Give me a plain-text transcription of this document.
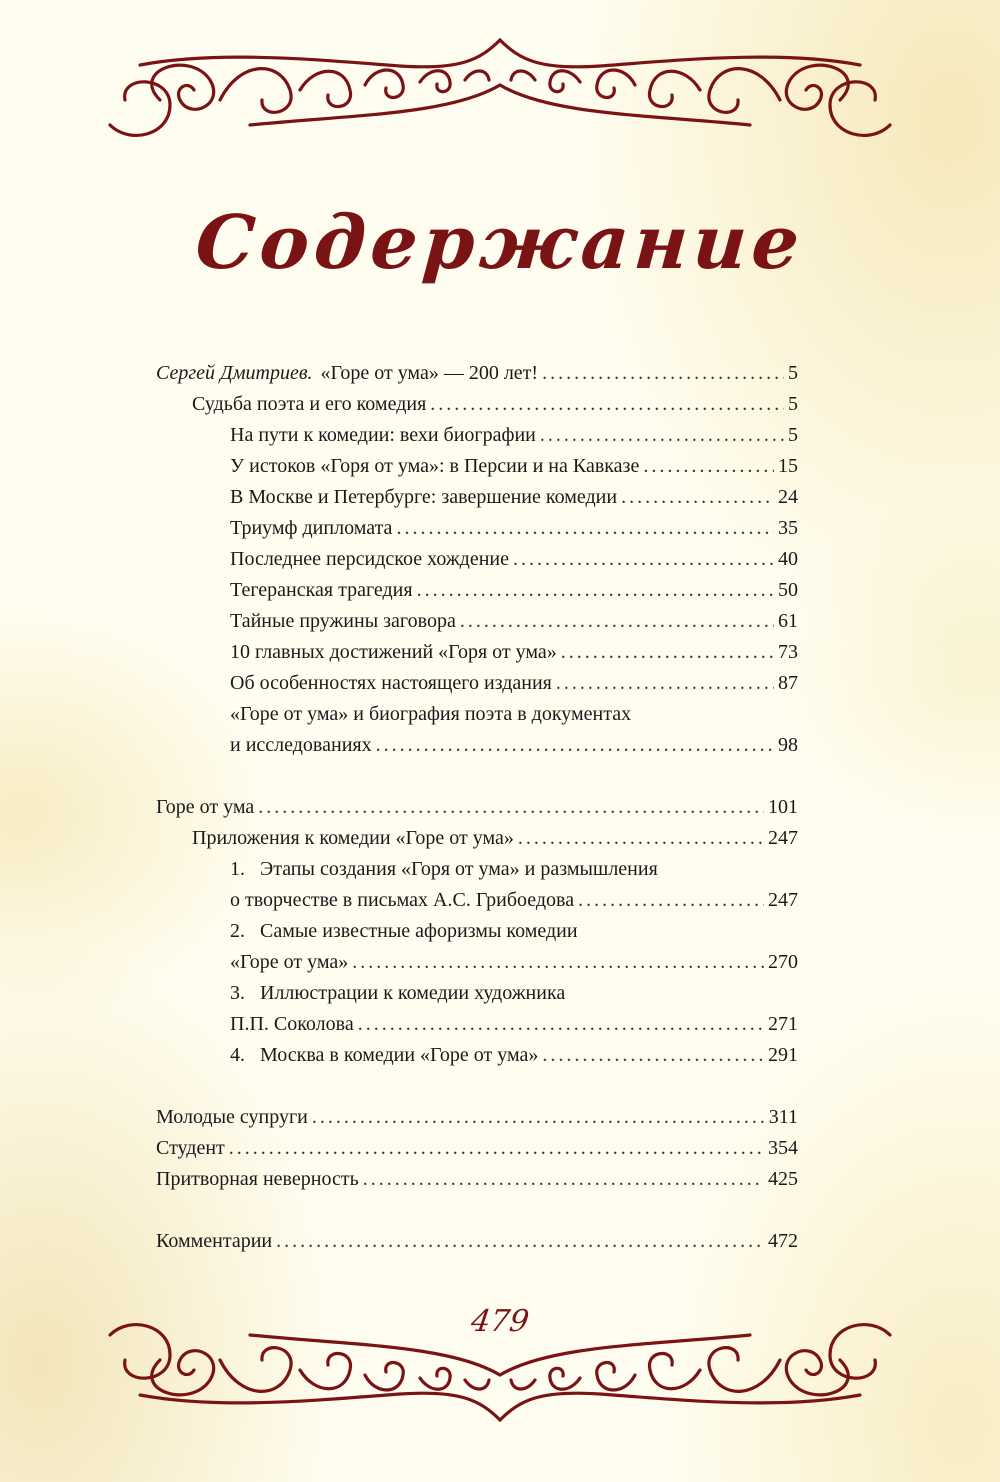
Содержание
Сергей Дмитриев. «Горе от ума» — 200 лет! . . .	5
Судьба поэта и его комедия . . .	5
На пути к комедии: вехи биографии . . .	5
У истоков «Горя от ума»: в Персии и на Кавказе . . .	15
В Москве и Петербурге: завершение комедии . . .	24
Триумф дипломата . . .	35
Последнее персидское хождение . . .	40
Тегеранская трагедия . . .	50
Тайные пружины заговора . . .	61
10 главных достижений «Горя от ума» . . .	73
Об особенностях настоящего издания . . .	87
«Горе от ума» и биография поэта в документах
и исследованиях . . .	98
Горе от ума . . .	101
Приложения к комедии «Горе от ума» . . .	247
1. Этапы создания «Горя от ума» и размышления
о творчестве в письмах А.С. Грибоедова . . .	247
2. Самые известные афоризмы комедии
«Горе от ума» . . .	270
3. Иллюстрации к комедии художника
П.П. Соколова . . .	271
4. Москва в комедии «Горе от ума» . . .	291
Молодые супруги . . .	311
Студент . . .	354
Притворная неверность . . .	425
Комментарии . . .	472
479
